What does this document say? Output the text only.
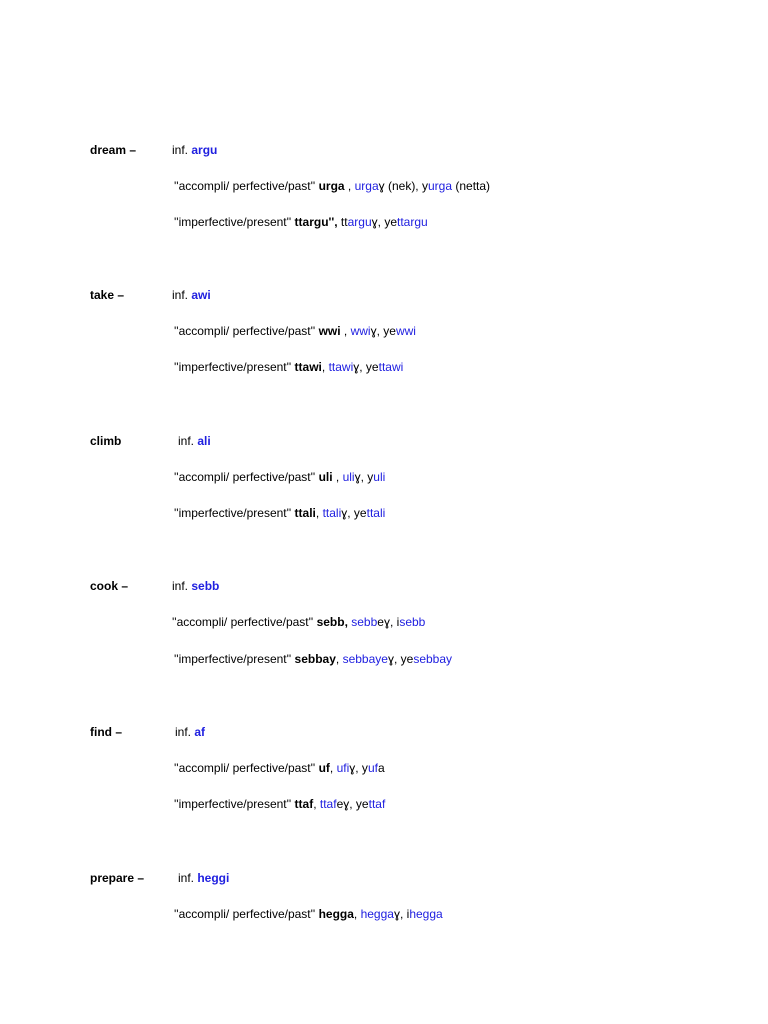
dream –	inf. argu
''accompli/ perfective/past'' urga , urgaɣ (nek), yurga (netta)
''imperfective/present'' ttargu'', ttarguɣ, yettargu
take –	inf. awi
''accompli/ perfective/past'' wwi , wwiɣ, yewwi
''imperfective/present'' ttawi, ttawiɣ, yettawi
climb	inf. ali
''accompli/ perfective/past'' uli , uliɣ, yuli
''imperfective/present'' ttali, ttaliɣ, yettali
cook –	inf. sebb
''accompli/ perfective/past'' sebb, sebbeɣ, isebb
''imperfective/present'' sebbay, sebbayeɣ, yesebbay
find –	inf. af
''accompli/ perfective/past'' uf, ufiɣ, yufa
''imperfective/present'' ttaf, ttafeɣ, yettaf
prepare –	inf. heggi
''accompli/ perfective/past'' hegga, heggaɣ, ihegga
